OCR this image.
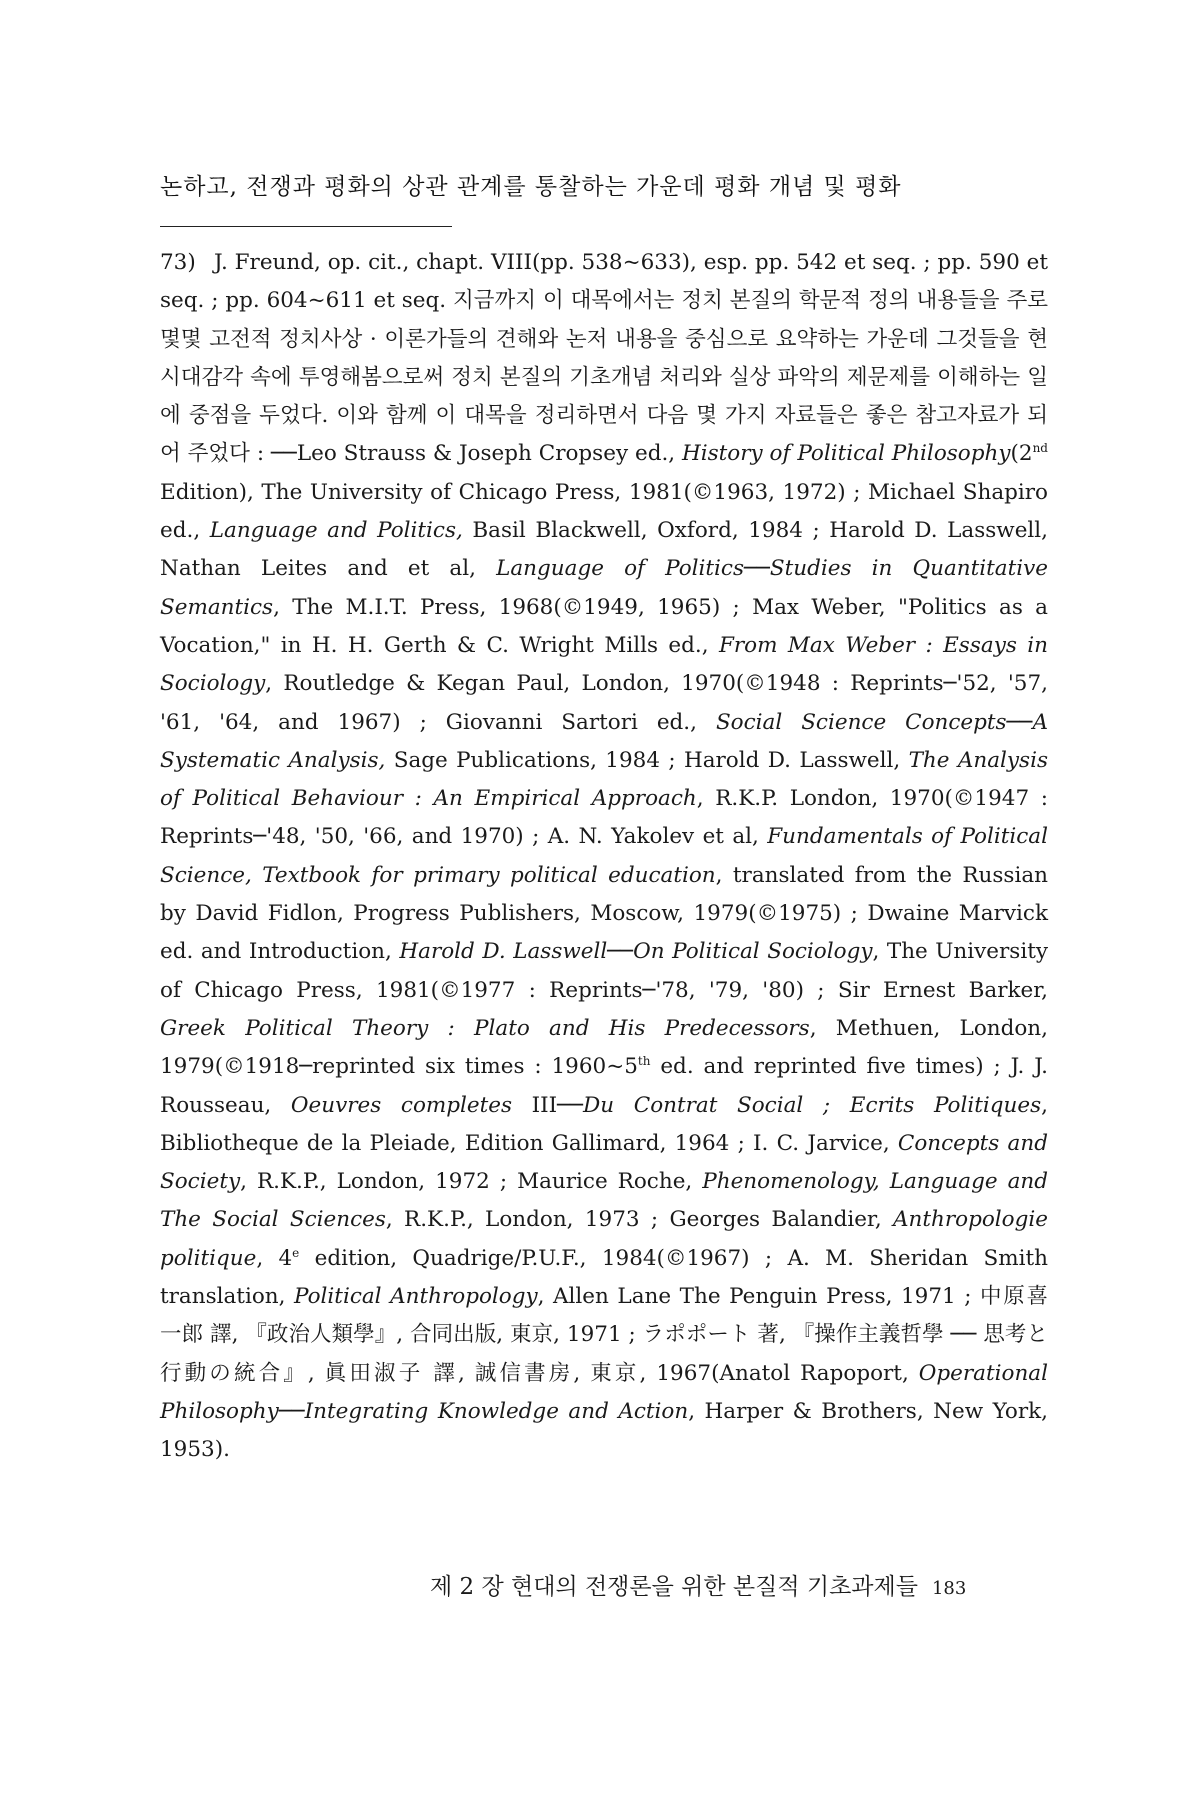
논하고, 전쟁과 평화의 상관 관계를 통찰하는 가운데 평화 개념 및 평화
73) J. Freund, op. cit., chapt. VIII(pp. 538~633), esp. pp. 542 et seq. ; pp. 590 et seq. ; pp. 604~611 et seq. 지금까지 이 대목에서는 정치 본질의 학문적 정의 내용들을 주로 몇몇 고전적 정치사상 · 이론가들의 견해와 논저 내용을 중심으로 요약하는 가운데 그것들을 현시대감각 속에 투영해봄으로써 정치 본질의 기초개념 처리와 실상 파악의 제문제를 이해하는 일에 중점을 두었다. 이와 함께 이 대목을 정리하면서 다음 몇 가지 자료들은 좋은 참고자료가 되어 주었다 : ──Leo Strauss & Joseph Cropsey ed., History of Political Philosophy(2nd Edition), The University of Chicago Press, 1981(©1963, 1972) ; Michael Shapiro ed., Language and Politics, Basil Blackwell, Oxford, 1984 ; Harold D. Lasswell, Nathan Leites and et al, Language of Politics──Studies in Quantitative Semantics, The M.I.T. Press, 1968(©1949, 1965) ; Max Weber, "Politics as a Vocation," in H. H. Gerth & C. Wright Mills ed., From Max Weber : Essays in Sociology, Routledge & Kegan Paul, London, 1970(©1948 : Reprints─'52, '57, '61, '64, and 1967) ; Giovanni Sartori ed., Social Science Concepts──A Systematic Analysis, Sage Publications, 1984 ; Harold D. Lasswell, The Analysis of Political Behaviour : An Empirical Approach, R.K.P. London, 1970(©1947 : Reprints─'48, '50, '66, and 1970) ; A. N. Yakolev et al, Fundamentals of Political Science, Textbook for primary political education, translated from the Russian by David Fidlon, Progress Publishers, Moscow, 1979(©1975) ; Dwaine Marvick ed. and Introduction, Harold D. Lasswell──On Political Sociology, The University of Chicago Press, 1981(©1977 : Reprints─'78, '79, '80) ; Sir Ernest Barker, Greek Political Theory : Plato and His Predecessors, Methuen, London, 1979(©1918─reprinted six times : 1960~5th ed. and reprinted five times) ; J. J. Rousseau, Oeuvres completes III──Du Contrat Social ; Ecrits Politiques, Bibliotheque de la Pleiade, Edition Gallimard, 1964 ; I. C. Jarvice, Concepts and Society, R.K.P., London, 1972 ; Maurice Roche, Phenomenology, Language and The Social Sciences, R.K.P., London, 1973 ; Georges Balandier, Anthropologie politique, 4e edition, Quadrige/P.U.F., 1984(©1967) ; A. M. Sheridan Smith translation, Political Anthropology, Allen Lane The Penguin Press, 1971 ; 中原喜一郎 譯, 『政治人類學』, 合同出版, 東京, 1971 ; ラポポート 著, 『操作主義哲學 ── 思考と行動の統合』, 眞田淑子 譯, 誠信書房, 東京, 1967(Anatol Rapoport, Operational Philosophy──Integrating Knowledge and Action, Harper & Brothers, New York, 1953).
제 2 장 현대의 전쟁론을 위한 본질적 기초과제들 183
